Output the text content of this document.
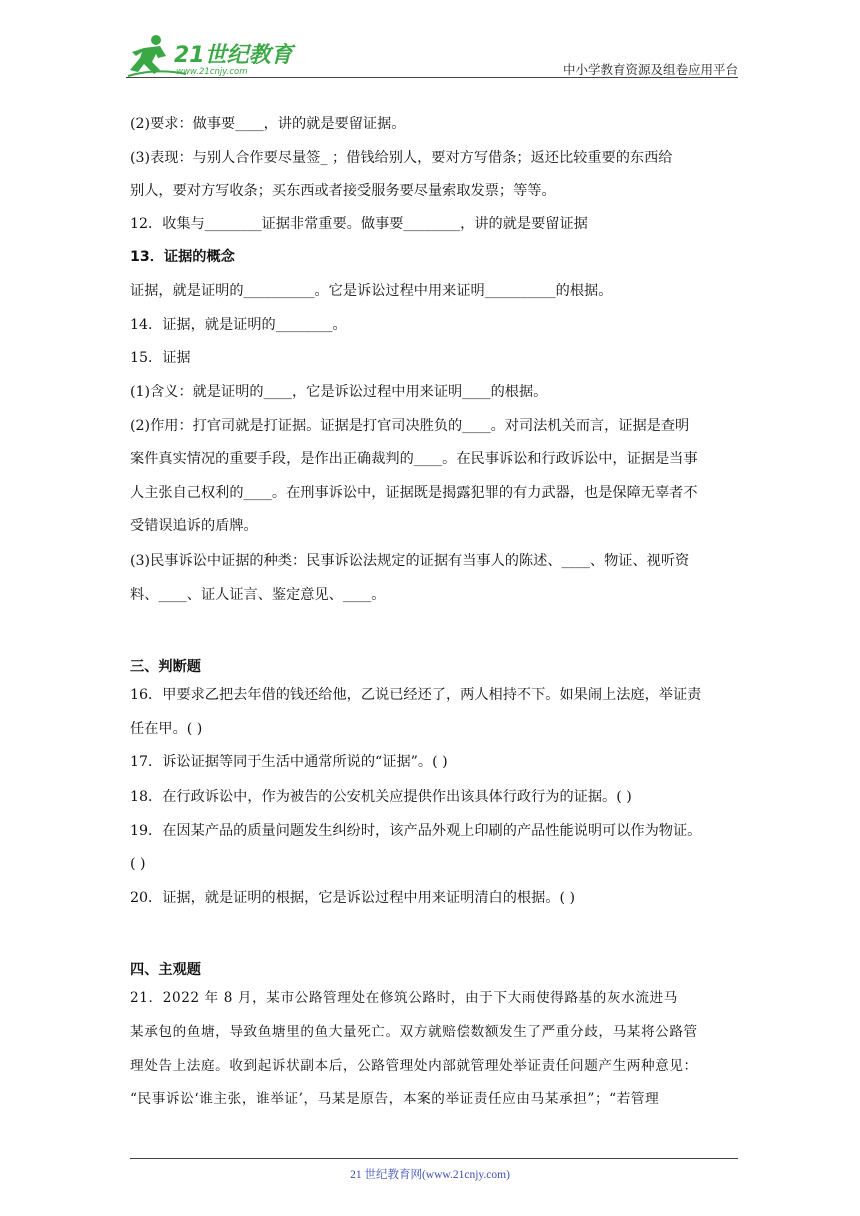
21世纪教育
www.21cnjy.com	中小学教育资源及组卷应用平台
(2)要求：做事要____，讲的就是要留证据。
(3)表现：与别人合作要尽量签_ ；借钱给别人，要对方写借条；返还比较重要的东西给
别人，要对方写收条；买东西或者接受服务要尽量索取发票；等等。
12．收集与________证据非常重要。做事要________，讲的就是要留证据
13．证据的概念
证据，就是证明的__________。它是诉讼过程中用来证明__________的根据。
14．证据，就是证明的________。
15．证据
(1)含义：就是证明的____，它是诉讼过程中用来证明____的根据。
(2)作用：打官司就是打证据。证据是打官司决胜负的____。对司法机关而言，证据是查明
案件真实情况的重要手段，是作出正确裁判的____。在民事诉讼和行政诉讼中，证据是当事
人主张自己权利的____。在刑事诉讼中，证据既是揭露犯罪的有力武器，也是保障无辜者不
受错误追诉的盾牌。
(3)民事诉讼中证据的种类：民事诉讼法规定的证据有当事人的陈述、____、物证、视听资
料、____、证人证言、鉴定意见、____。
三、判断题
16．甲要求乙把去年借的钱还给他，乙说已经还了，两人相持不下。如果闹上法庭，举证责
任在甲。( )
17．诉讼证据等同于生活中通常所说的“证据”。( )
18．在行政诉讼中，作为被告的公安机关应提供作出该具体行政行为的证据。( )
19．在因某产品的质量问题发生纠纷时，该产品外观上印刷的产品性能说明可以作为物证。
( )
20．证据，就是证明的根据，它是诉讼过程中用来证明清白的根据。( )
四、主观题
21．2022 年 8 月，某市公路管理处在修筑公路时，由于下大雨使得路基的灰水流进马
某承包的鱼塘，导致鱼塘里的鱼大量死亡。双方就赔偿数额发生了严重分歧，马某将公路管
理处告上法庭。收到起诉状副本后，公路管理处内部就管理处举证责任问题产生两种意见：
“民事诉讼‘谁主张，谁举证’，马某是原告，本案的举证责任应由马某承担”；“若管理
21 世纪教育网(www.21cnjy.com)
